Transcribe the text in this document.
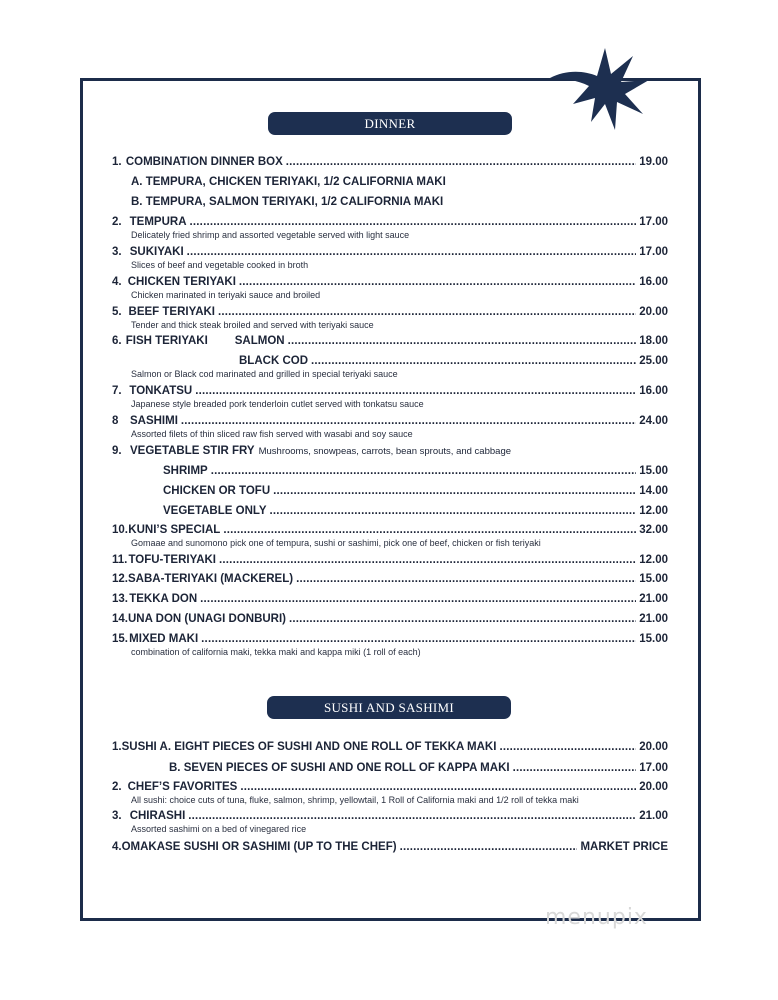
DINNER
1. COMBINATION DINNER BOX . . .	19.00
A. TEMPURA, CHICKEN TERIYAKI, 1/2 CALIFORNIA MAKI
B. TEMPURA, SALMON TERIYAKI, 1/2 CALIFORNIA MAKI
2. TEMPURA . . .	17.00
Delicately fried shrimp and assorted vegetable served with light sauce
3. SUKIYAKI . . .	17.00
Slices of beef and vegetable cooked in broth
4. CHICKEN TERIYAKI . . .	16.00
Chicken marinated in teriyaki sauce and broiled
5. BEEF TERIYAKI . . .	20.00
Tender and thick steak broiled and served with teriyaki sauce
6. FISH TERIYAKI	SALMON . . .	18.00
BLACK COD . . .	25.00
Salmon or Black cod marinated and grilled in special teriyaki sauce
7. TONKATSU . . .	16.00
Japanese style breaded pork tenderloin cutlet served with tonkatsu sauce
8	SASHIMI . . .	24.00
Assorted filets of thin sliced raw fish served with wasabi and soy sauce
9. VEGETABLE STIR FRY Mushrooms, snowpeas, carrots, bean sprouts, and cabbage
SHRIMP . . .	15.00
CHICKEN OR TOFU . . .	14.00
VEGETABLE ONLY . . .	12.00
10. KUNI’S SPECIAL . . .	32.00
Gomaae and sunomono pick one of tempura, sushi or sashimi, pick one of beef, chicken or fish teriyaki
11. TOFU-TERIYAKI . . .	12.00
12. SABA-TERIYAKI (MACKEREL) . . .	15.00
13. TEKKA DON . . .	21.00
14. UNA DON (UNAGI DONBURI) . . .	21.00
15. MIXED MAKI . . .	15.00
combination of california maki, tekka maki and kappa miki (1 roll of each)
SUSHI AND SASHIMI
1. SUSHI A. EIGHT PIECES OF SUSHI AND ONE ROLL OF TEKKA MAKI . . .	20.00
B. SEVEN PIECES OF SUSHI AND ONE ROLL OF KAPPA MAKI . . .	17.00
2. CHEF’S FAVORITES . . .	20.00
All sushi: choice cuts of tuna, fluke, salmon, shrimp, yellowtail, 1 Roll of California maki and 1/2 roll of tekka maki
3. CHIRASHI . . .	21.00
Assorted sashimi on a bed of vinegared rice
4. OMAKASE SUSHI OR SASHIMI (UP TO THE CHEF) . . .	MARKET PRICE
menupix
